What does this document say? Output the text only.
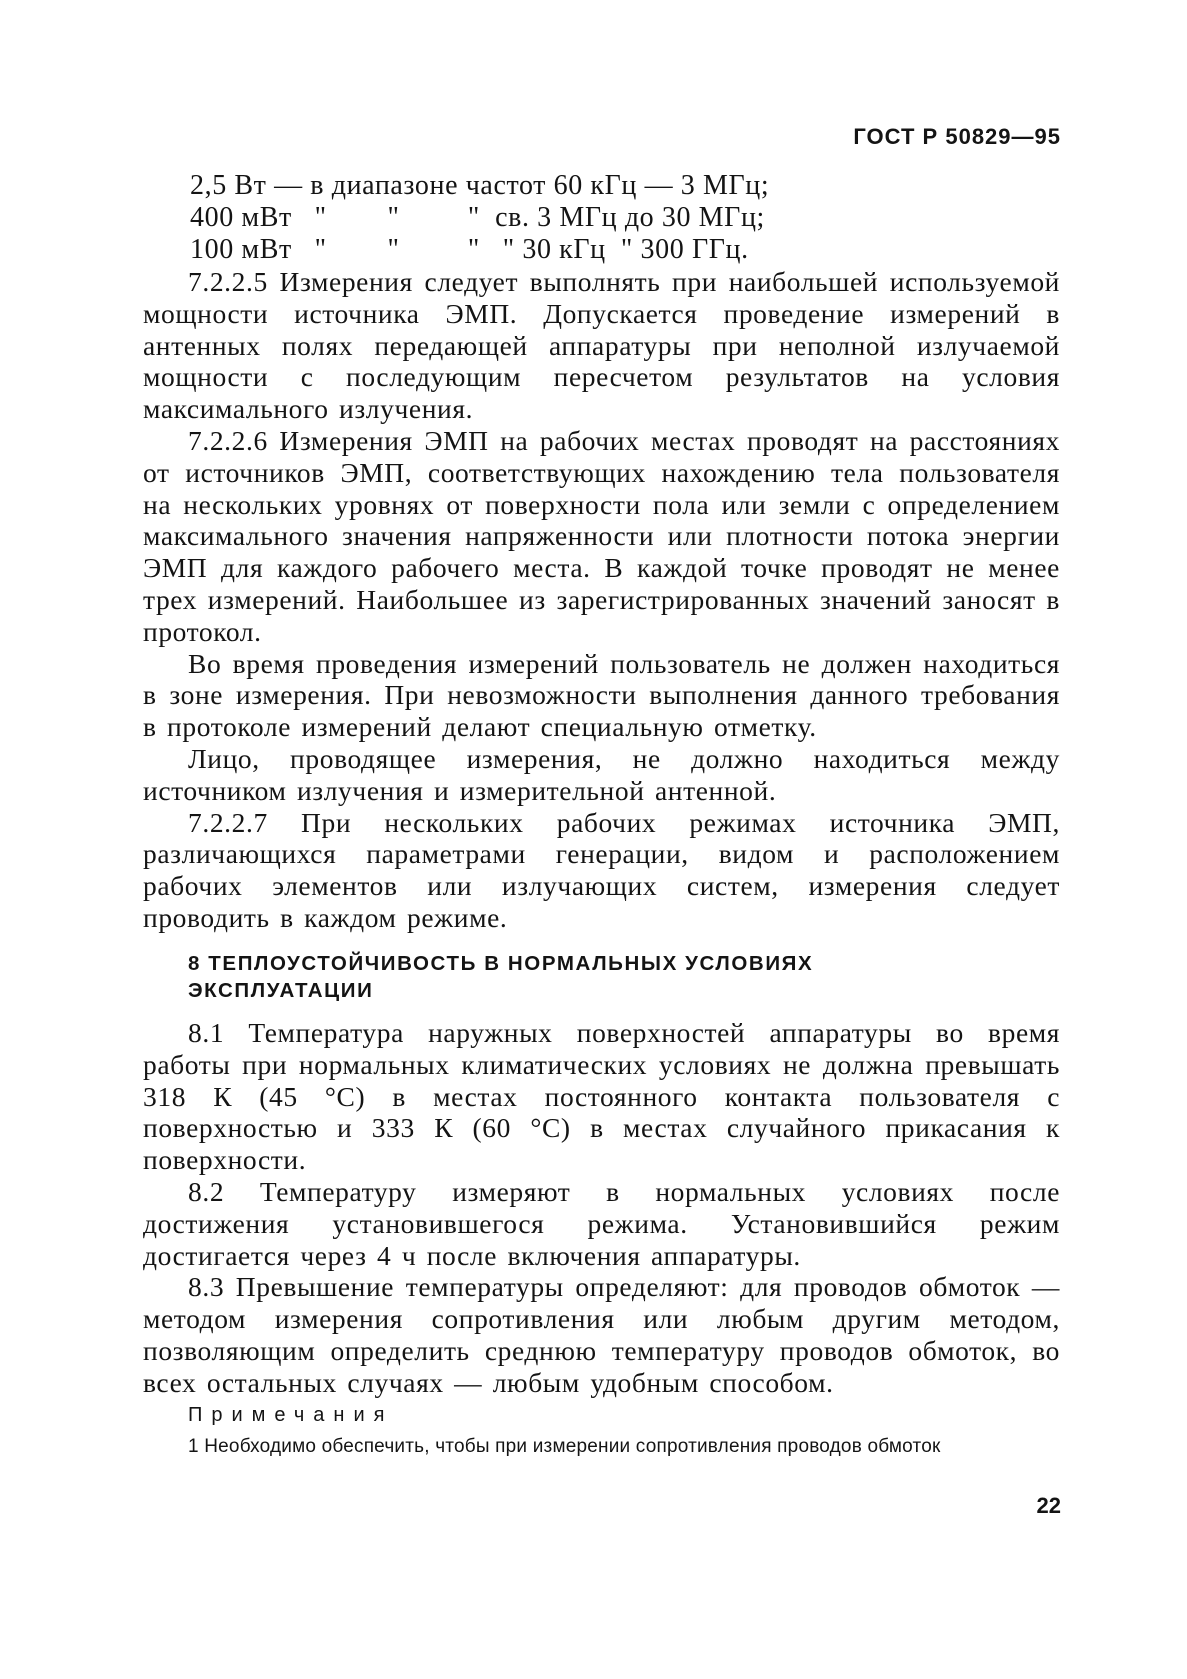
ГОСТ Р 50829—95
2,5 Вт — в диапазоне частот 60 кГц — 3 МГц;
400 мВт   "        "         "  св. 3 МГц до 30 МГц;
100 мВт   "        "         "   " 30 кГц  " 300 ГГц.

7.2.2.5 Измерения следует выполнять при наибольшей используемой мощности источника ЭМП. Допускается проведение измерений в антенных полях передающей аппаратуры при неполной излучаемой мощности с последующим пересчетом результатов на условия максимального излучения.

7.2.2.6 Измерения ЭМП на рабочих местах проводят на расстояниях от источников ЭМП, соответствующих нахождению тела пользователя на нескольких уровнях от поверхности пола или земли с определением максимального значения напряженности или плотности потока энергии ЭМП для каждого рабочего места. В каждой точке проводят не менее трех измерений. Наибольшее из зарегистрированных значений заносят в протокол.

Во время проведения измерений пользователь не должен находиться в зоне измерения. При невозможности выполнения данного требования в протоколе измерений делают специальную отметку.

Лицо, проводящее измерения, не должно находиться между источником излучения и измерительной антенной.

7.2.2.7 При нескольких рабочих режимах источника ЭМП, различающихся параметрами генерации, видом и расположением рабочих элементов или излучающих систем, измерения следует проводить в каждом режиме.

8 ТЕПЛОУСТОЙЧИВОСТЬ В НОРМАЛЬНЫХ УСЛОВИЯХ
ЭКСПЛУАТАЦИИ

8.1 Температура наружных поверхностей аппаратуры во время работы при нормальных климатических условиях не должна превышать 318 К (45 °С) в местах постоянного контакта пользователя с поверхностью и 333 К (60 °С) в местах случайного прикасания к поверхности.

8.2 Температуру измеряют в нормальных условиях после достижения установившегося режима. Установившийся режим достигается через 4 ч после включения аппаратуры.

8.3 Превышение температуры определяют: для проводов обмоток — методом измерения сопротивления или любым другим методом, позволяющим определить среднюю температуру проводов обмоток, во всех остальных случаях — любым удобным способом.

Примечания
1 Необходимо обеспечить, чтобы при измерении сопротивления проводов обмоток
22
